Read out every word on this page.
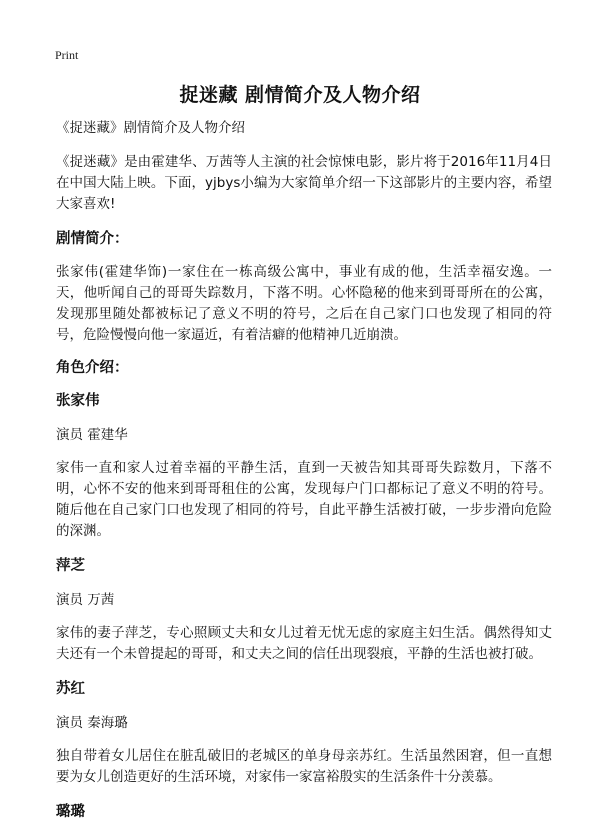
Print
捉迷藏 剧情简介及人物介绍

《捉迷藏》剧情简介及人物介绍

《捉迷藏》是由霍建华、万茜等人主演的社会惊悚电影，影片将于2016年11月4日在中国大陆上映。下面，yjbys小编为大家简单介绍一下这部影片的主要内容，希望大家喜欢!

剧情简介：

张家伟(霍建华饰)一家住在一栋高级公寓中，事业有成的他，生活幸福安逸。一天，他听闻自己的哥哥失踪数月，下落不明。心怀隐秘的他来到哥哥所在的公寓，发现那里随处都被标记了意义不明的符号，之后在自己家门口也发现了相同的符号，危险慢慢向他一家逼近，有着洁癖的他精神几近崩溃。

角色介绍：

张家伟

演员 霍建华

家伟一直和家人过着幸福的平静生活，直到一天被告知其哥哥失踪数月，下落不明，心怀不安的他来到哥哥租住的公寓，发现每户门口都标记了意义不明的符号。随后他在自己家门口也发现了相同的符号，自此平静生活被打破，一步步滑向危险的深渊。

萍芝

演员 万茜

家伟的妻子萍芝，专心照顾丈夫和女儿过着无忧无虑的家庭主妇生活。偶然得知丈夫还有一个未曾提起的哥哥，和丈夫之间的信任出现裂痕，平静的生活也被打破。

苏红

演员 秦海璐

独自带着女儿居住在脏乱破旧的老城区的单身母亲苏红。生活虽然困窘，但一直想要为女儿创造更好的生活环境，对家伟一家富裕殷实的生活条件十分羡慕。

璐璐
